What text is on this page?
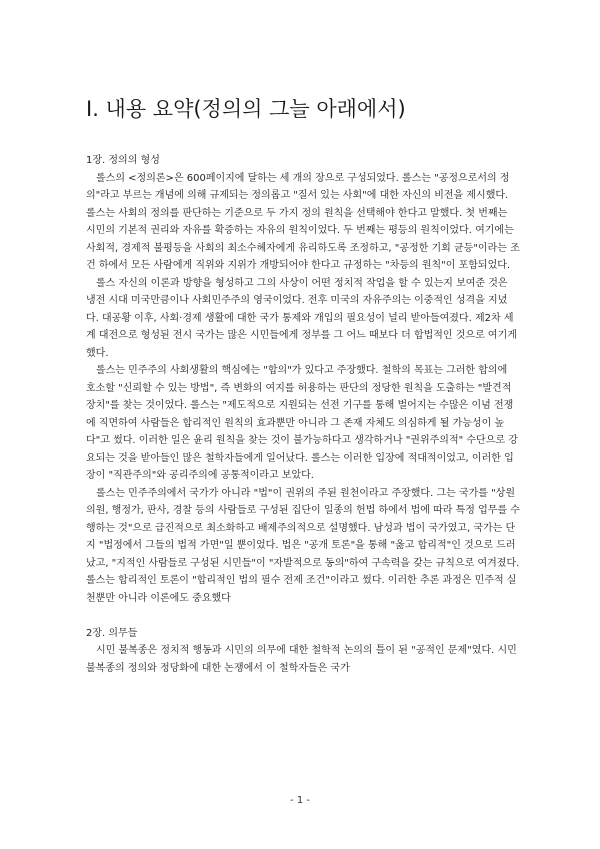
I. 내용 요약(정의의 그늘 아래에서)
1장. 정의의 형성

롤스의 <정의론>은 600페이지에 달하는 세 개의 장으로 구성되었다. 롤스는 "공정으로서의 정의"라고 부르는 개념에 의해 규제되는 정의롭고 "질서 있는 사회"에 대한 자신의 비전을 제시했다. 롤스는 사회의 정의를 판단하는 기준으로 두 가지 정의 원칙을 선택해야 한다고 말했다. 첫 번째는 시민의 기본적 권리와 자유를 확증하는 자유의 원칙이었다. 두 번째는 평등의 원칙이었다. 여기에는 사회적, 경제적 불평등을 사회의 최소수혜자에게 유리하도록 조정하고, "공정한 기회 균등"이라는 조건 하에서 모든 사람에게 직위와 지위가 개방되어야 한다고 규정하는 "차등의 원칙"이 포함되었다.

롤스 자신의 이론과 방향을 형성하고 그의 사상이 어떤 정치적 작업을 할 수 있는지 보여준 것은 냉전 시대 미국만큼이나 사회민주주의 영국이었다. 전후 미국의 자유주의는 이중적인 성격을 지녔다. 대공황 이후, 사회·경제 생활에 대한 국가 통제와 개입의 필요성이 널리 받아들여졌다. 제2차 세계 대전으로 형성된 전시 국가는 많은 시민들에게 정부를 그 어느 때보다 더 합법적인 것으로 여기게 했다.

롤스는 민주주의 사회생활의 핵심에는 "합의"가 있다고 주장했다. 철학의 목표는 그러한 합의에 호소할 "신뢰할 수 있는 방법", 즉 변화의 여지를 허용하는 판단의 정당한 원칙을 도출하는 "발견적 장치"를 찾는 것이었다. 롤스는 "제도적으로 지원되는 선전 기구를 통해 벌어지는 수많은 이념 전쟁에 직면하여 사람들은 합리적인 원칙의 효과뿐만 아니라 그 존재 자체도 의심하게 될 가능성이 높다"고 썼다. 이러한 일은 윤리 원칙을 찾는 것이 불가능하다고 생각하거나 "권위주의적" 수단으로 강요되는 것을 받아들인 많은 철학자들에게 일어났다. 롤스는 이러한 입장에 적대적이었고, 이러한 입장이 "직관주의"와 공리주의에 공통적이라고 보았다.

롤스는 민주주의에서 국가가 아니라 "법"이 권위의 주된 원천이라고 주장했다. 그는 국가를 "상원 의원, 행정가, 판사, 경찰 등의 사람들로 구성된 집단이 일종의 헌법 하에서 법에 따라 특정 업무를 수행하는 것"으로 급진적으로 최소화하고 배제주의적으로 설명했다. 남성과 법이 국가였고, 국가는 단지 "법정에서 그들의 법적 가면"일 뿐이었다. 법은 "공개 토론"을 통해 "옳고 합리적"인 것으로 드러났고, "지적인 사람들로 구성된 시민들"이 "자발적으로 동의"하여 구속력을 갖는 규칙으로 여겨졌다. 롤스는 합리적인 토론이 "합리적인 법의 필수 전제 조건"이라고 썼다. 이러한 추론 과정은 민주적 실천뿐만 아니라 이론에도 중요했다

2장. 의무들

시민 불복종은 정치적 행동과 시민의 의무에 대한 철학적 논의의 틀이 된 "공적인 문제"였다. 시민 불복종의 정의와 정당화에 대한 논쟁에서 이 철학자들은 국가

- 1 -
